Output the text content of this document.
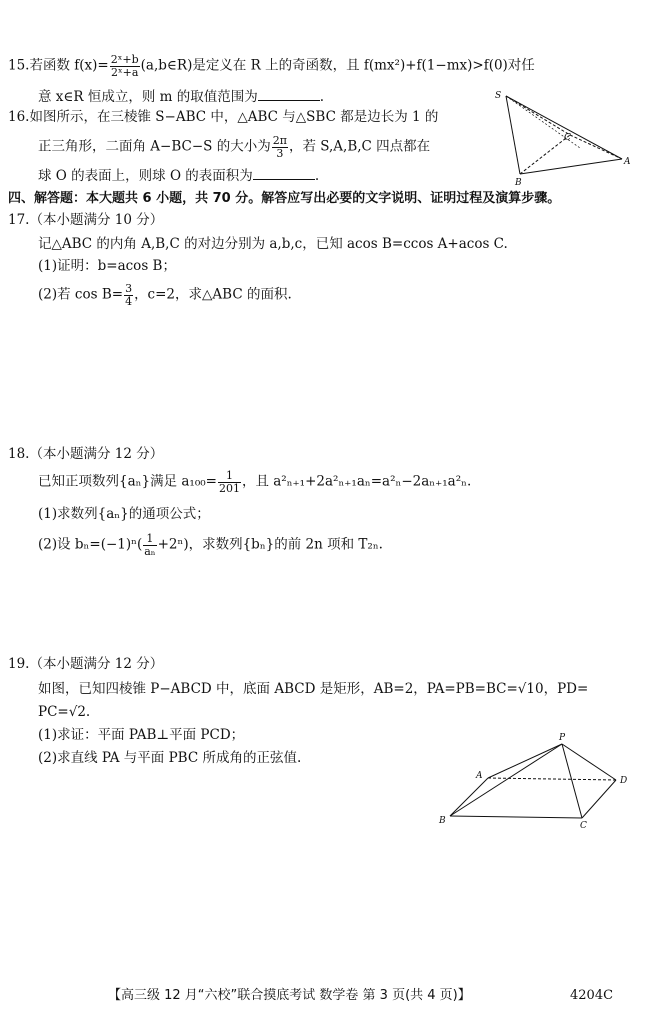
15.若函数 $f(x)= \frac{\text{2ˣ+b}}{\text{2ˣ+a}}$ (a,b∈R)是定义在 R 上的奇函数，且 f(mx²)+f(1−mx)>f(0)对任
意 x∈R 恒成立，则 m 的取值范围为	.
16.如图所示，在三棱锥 S−ABC 中，△ABC 与△SBC 都是边长为 1 的
正三角形，二面角 A−BC−S 的大小为 $\frac{2\pi}{3}$ ，若 S,A,B,C 四点都在
球 O 的表面上，则球 O 的表面积为	.
S
C
A
B
四、解答题：本大题共 6 小题，共 70 分。解答应写出必要的文字说明、证明过程及演算步骤。
17.（本小题满分 10 分）
记△ABC 的内角 A,B,C 的对边分别为 a,b,c，已知 acos B=ccos A+acos C.
(1)证明：b=acos B；
(2)若 $\cos B= \frac{3}{4}$ ，c=2，求△ABC 的面积.
18.（本小题满分 12 分）
已知正项数列{aₙ}满足 $a_{100}= \frac{1}{201}$ ，且 a²ₙ₊₁+2a²ₙ₊₁aₙ=a²ₙ−2aₙ₊₁a²ₙ.
(1)求数列{aₙ}的通项公式；
(2)设 $b_n=(-1)^n( \frac{1}{\text{aₙ}} +2^n)$，求数列{bₙ}的前 2n 项和 T₂ₙ.
19.（本小题满分 12 分）
如图，已知四棱锥 P−ABCD 中，底面 ABCD 是矩形，AB=2，PA=PB=BC=√10，PD=
PC=√2.
(1)求证：平面 PAB⊥平面 PCD；
(2)求直线 PA 与平面 PBC 所成角的正弦值.
P
A	D
B	C
【高三级 12 月“六校”联合摸底考试 数学卷 第 3 页(共 4 页)】	4204C
